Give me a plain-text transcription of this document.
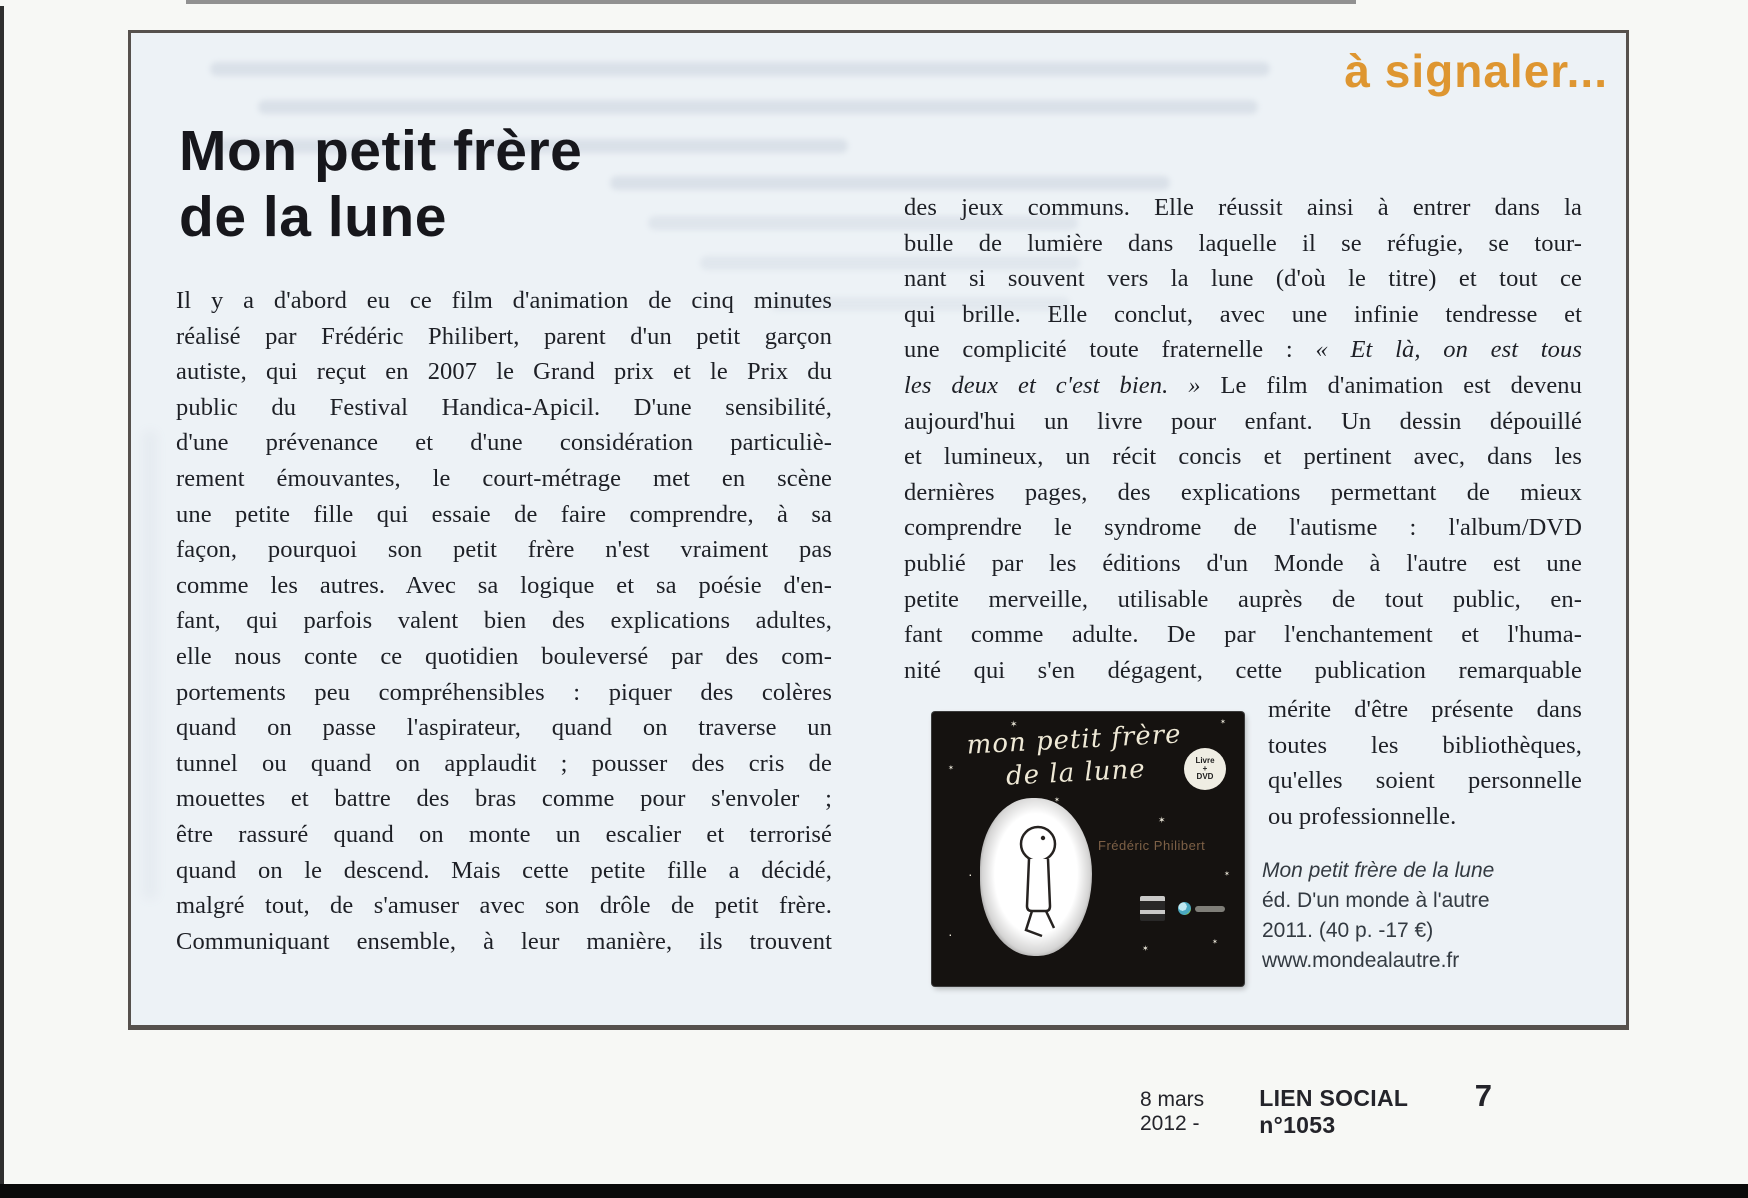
à signaler...
Mon petit frère
de la lune
Il y a d'abord eu ce film d'animation de cinq minutes
réalisé par Frédéric Philibert, parent d'un petit garçon
autiste, qui reçut en 2007 le Grand prix et le Prix du
public du Festival Handica-Apicil. D'une sensibilité,
d'une prévenance et d'une considération particuliè-
rement émouvantes, le court-métrage met en scène
une petite fille qui essaie de faire comprendre, à sa
façon, pourquoi son petit frère n'est vraiment pas
comme les autres. Avec sa logique et sa poésie d'en-
fant, qui parfois valent bien des explications adultes,
elle nous conte ce quotidien bouleversé par des com-
portements peu compréhensibles : piquer des colères
quand on passe l'aspirateur, quand on traverse un
tunnel ou quand on applaudit ; pousser des cris de
mouettes et battre des bras comme pour s'envoler ;
être rassuré quand on monte un escalier et terrorisé
quand on le descend. Mais cette petite fille a décidé,
malgré tout, de s'amuser avec son drôle de petit frère.
Communiquant ensemble, à leur manière, ils trouvent
des jeux communs. Elle réussit ainsi à entrer dans la
bulle de lumière dans laquelle il se réfugie, se tour-
nant si souvent vers la lune (d'où le titre) et tout ce
qui brille. Elle conclut, avec une infinie tendresse et
une complicité toute fraternelle : « Et là, on est tous
les deux et c'est bien. » Le film d'animation est devenu
aujourd'hui un livre pour enfant. Un dessin dépouillé
et lumineux, un récit concis et pertinent avec, dans les
dernières pages, des explications permettant de mieux
comprendre le syndrome de l'autisme : l'album/DVD
publié par les éditions d'un Monde à l'autre est une
petite merveille, utilisable auprès de tout public, en-
fant comme adulte. De par l'enchantement et l'huma-
nité qui s'en dégagent, cette publication remarquable
mérite d'être présente dans
toutes les bibliothèques,
qu'elles soient personnelle
ou professionnelle.
mon petit frère
de la lune	Livre
+
DVD
Frédéric Philibert
✶
✶
✶
✶
✶
·
✶
✶
·
✶
Mon petit frère de la lune
éd. D'un monde à l'autre
2011. (40 p. -17 €)
www.mondealautre.fr
8 mars 2012 -
LIEN SOCIAL n°1053
7
